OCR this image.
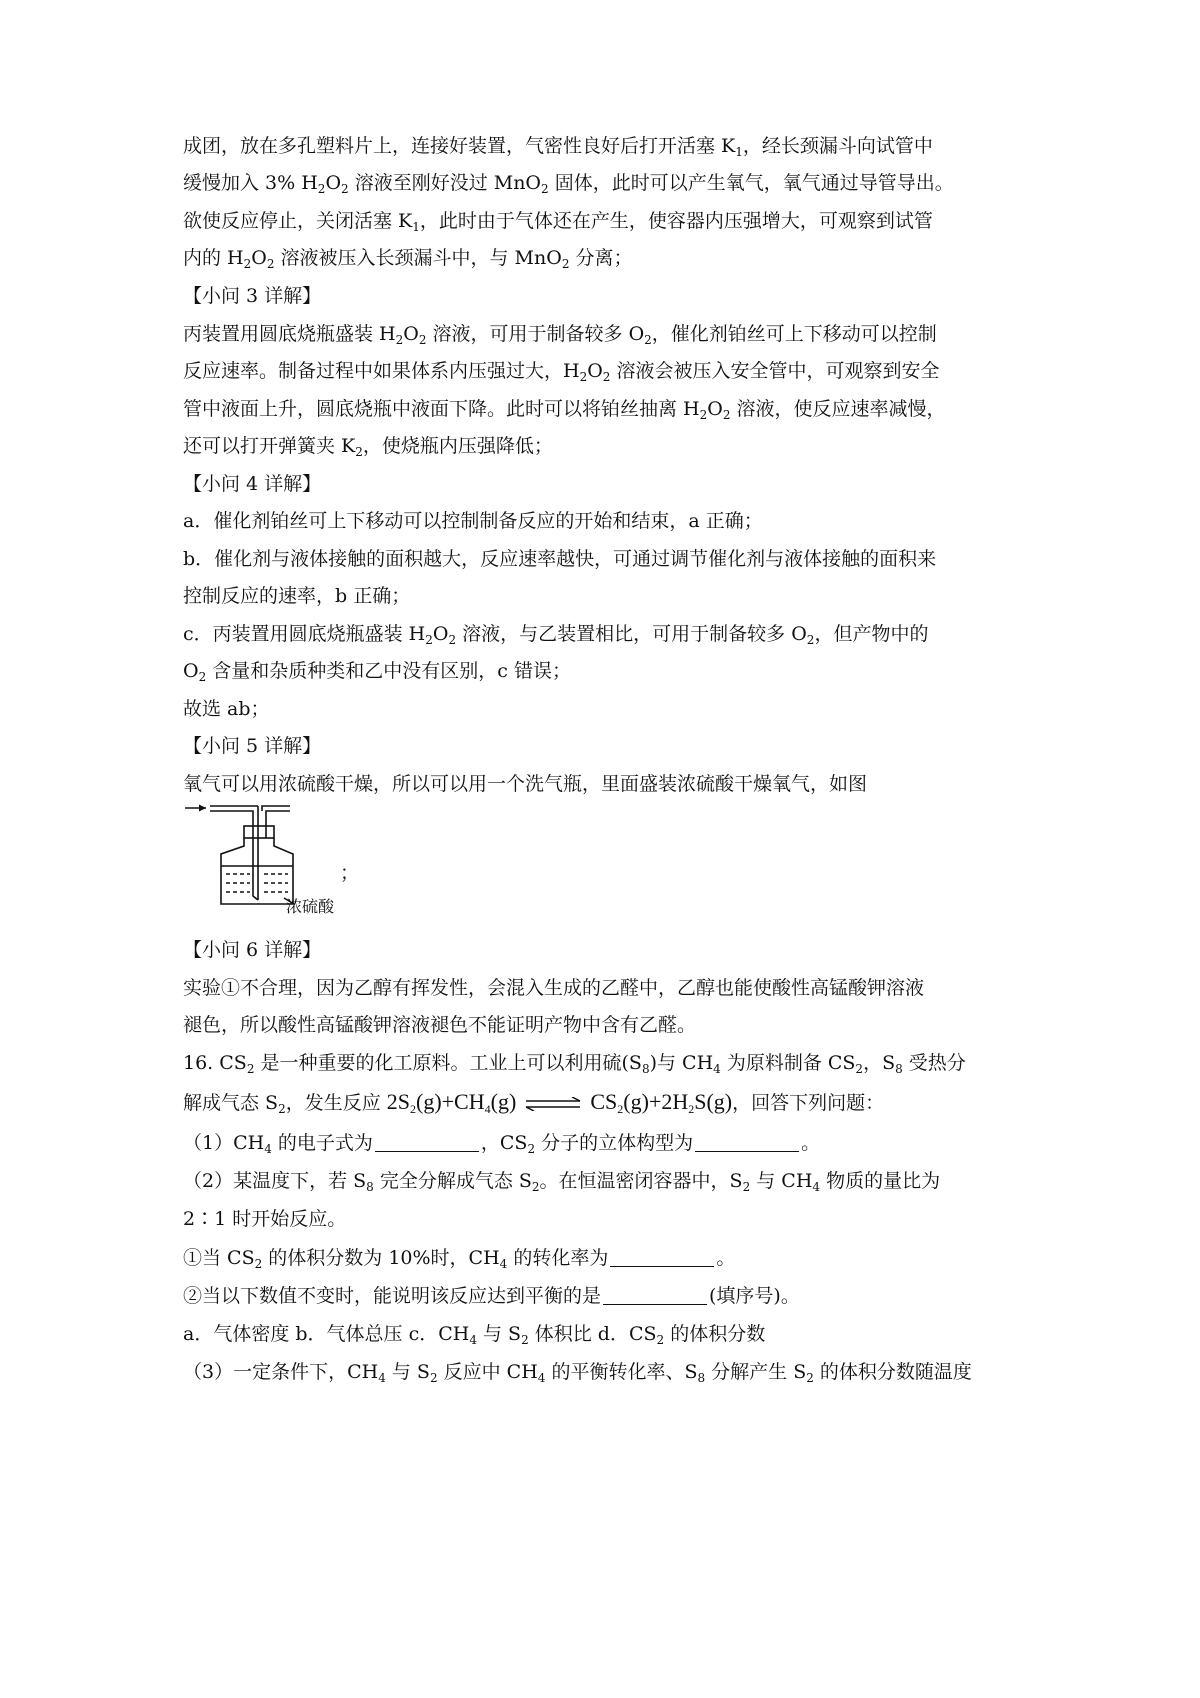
成团，放在多孔塑料片上，连接好装置，气密性良好后打开活塞 $K_1$，经长颈漏斗向试管中
缓慢加入 3% $H_2O_2$ 溶液至刚好没过 MnO$_2$ 固体，此时可以产生氧气，氧气通过导管导出。
欲使反应停止，关闭活塞 $K_1$，此时由于气体还在产生，使容器内压强增大，可观察到试管
内的 $H_2O_2$ 溶液被压入长颈漏斗中，与 MnO$_2$ 分离；
【小问 3 详解】
丙装置用圆底烧瓶盛装 $H_2O_2$ 溶液，可用于制备较多 $O_2$，催化剂铂丝可上下移动可以控制
反应速率。制备过程中如果体系内压强过大，$H_2O_2$ 溶液会被压入安全管中，可观察到安全
管中液面上升，圆底烧瓶中液面下降。此时可以将铂丝抽离 $H_2O_2$ 溶液，使反应速率减慢，
还可以打开弹簧夹 $K_2$，使烧瓶内压强降低；
【小问 4 详解】
a．催化剂铂丝可上下移动可以控制制备反应的开始和结束，a 正确；
b．催化剂与液体接触的面积越大，反应速率越快，可通过调节催化剂与液体接触的面积来
控制反应的速率，b 正确；
c．丙装置用圆底烧瓶盛装 $H_2O_2$ 溶液，与乙装置相比，可用于制备较多 $O_2$，但产物中的
$O_2$ 含量和杂质种类和乙中没有区别，c 错误；
故选 ab；
【小问 5 详解】
氧气可以用浓硫酸干燥，所以可以用一个洗气瓶，里面盛装浓硫酸干燥氧气，如图
浓硫酸
；
【小问 6 详解】
实验①不合理，因为乙醇有挥发性，会混入生成的乙醛中，乙醇也能使酸性高锰酸钾溶液
褪色，所以酸性高锰酸钾溶液褪色不能证明产物中含有乙醛。
16. $CS_2$ 是一种重要的化工原料。工业上可以利用硫$(S_8)$与 $CH_4$ 为原料制备 $CS_2$，$S_8$ 受热分
解成气态 $S_2$，发生反应 $2S_2(g)+CH_4(g)$ ⇌ $CS_2(g)+2H_2S(g)$，回答下列问题：
$(1)CH_4$ 的电子式为	，$CS_2$ 分子的立体构型为	。
（2）某温度下，若 $S_8$ 完全分解成气态 $S_2$。在恒温密闭容器中，$S_2$ 与 $CH_4$ 物质的量比为
2∶1 时开始反应。
①当 $CS_2$ 的体积分数为 10%时，$CH_4$ 的转化率为	。
②当以下数值不变时，能说明该反应达到平衡的是	(填序号)。
a．气体密度 b．气体总压 c．$CH_4$ 与 $S_2$ 体积比 d．$CS_2$ 的体积分数
（3）一定条件下，$CH_4$ 与 $S_2$ 反应中 $CH_4$ 的平衡转化率、$S_8$ 分解产生 $S_2$ 的体积分数随温度
